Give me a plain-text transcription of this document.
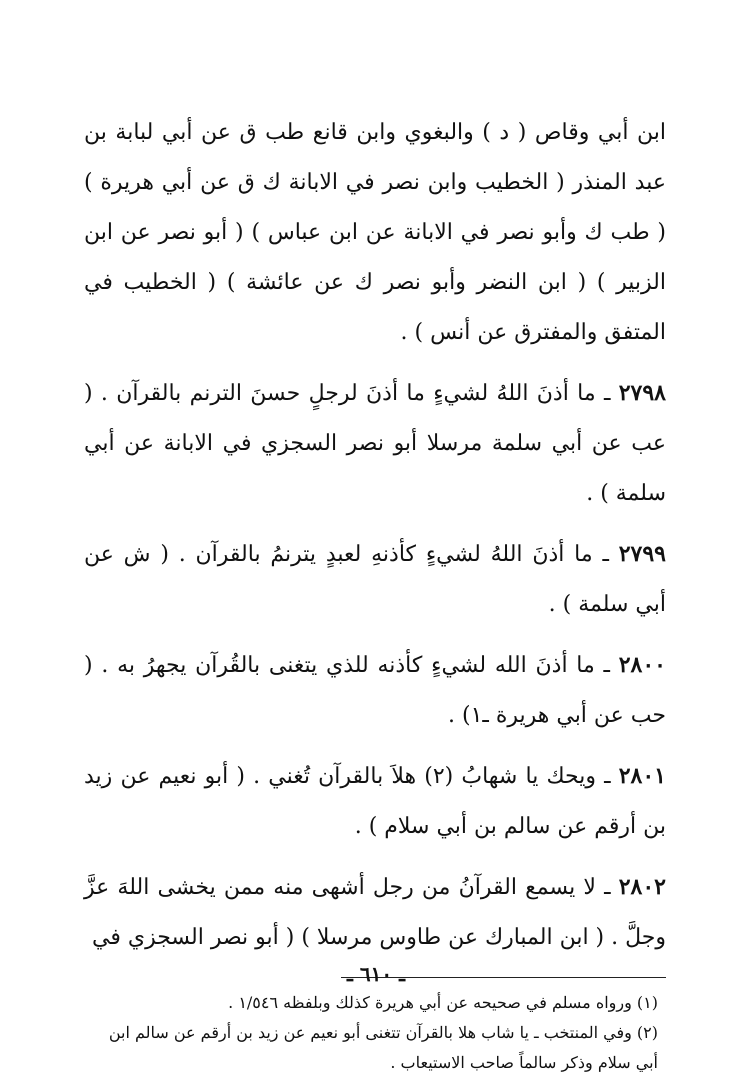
ابن أبي وقاص ( د ) والبغوي وابن قانع طب ق عن أبي لبابة بن عبد المنذر ( الخطيب وابن نصر في الابانة ك ق عن أبي هريرة ) ( طب ك وأبو نصر في الابانة عن ابن عباس ) ( أبو نصر عن ابن الزبير ) ( ابن النضر وأبو نصر ك عن عائشة ) ( الخطيب في المتفق والمفترق عن أنس ) .

٢٧٩٨ ـ ما أذنَ اللهُ لشيءٍ ما أذنَ لرجلٍ حسنَ الترنم بالقرآن . ( عب عن أبي سلمة مرسلا أبو نصر السجزي في الابانة عن أبي سلمة ) .

٢٧٩٩ ـ ما أذنَ اللهُ لشيءٍ كأذنهِ لعبدٍ يترنمُ بالقرآن . ( ش عن أبي سلمة ) .

٢٨٠٠ ـ ما أذنَ الله لشيءٍ كأذنه للذي يتغنى بالقُرآن يجهرُ به . ( حب عن أبي هريرة ـ١) .

٢٨٠١ ـ ويحك يا شهابُ (٢) هلاَ بالقرآن تُغني . ( أبو نعيم عن زيد بن أرقم عن سالم بن أبي سلام ) .

٢٨٠٢ ـ لا يسمع القرآنُ من رجل أشهى منه ممن يخشى اللهَ عزَّ وجلَّ . ( ابن المبارك عن طاوس مرسلا ) ( أبو نصر السجزي في

(١) ورواه مسلم في صحيحه عن أبي هريرة كذلك وبلفظه ١/٥٤٦ .

(٢) وفي المنتخب ـ يا شاب هلا بالقرآن تتغنى أبو نعيم عن زيد بن أرقم عن سالم ابن أبي سلام وذكر سالماً صاحب الاستيعاب .

ـ ٦١٠ ـ
